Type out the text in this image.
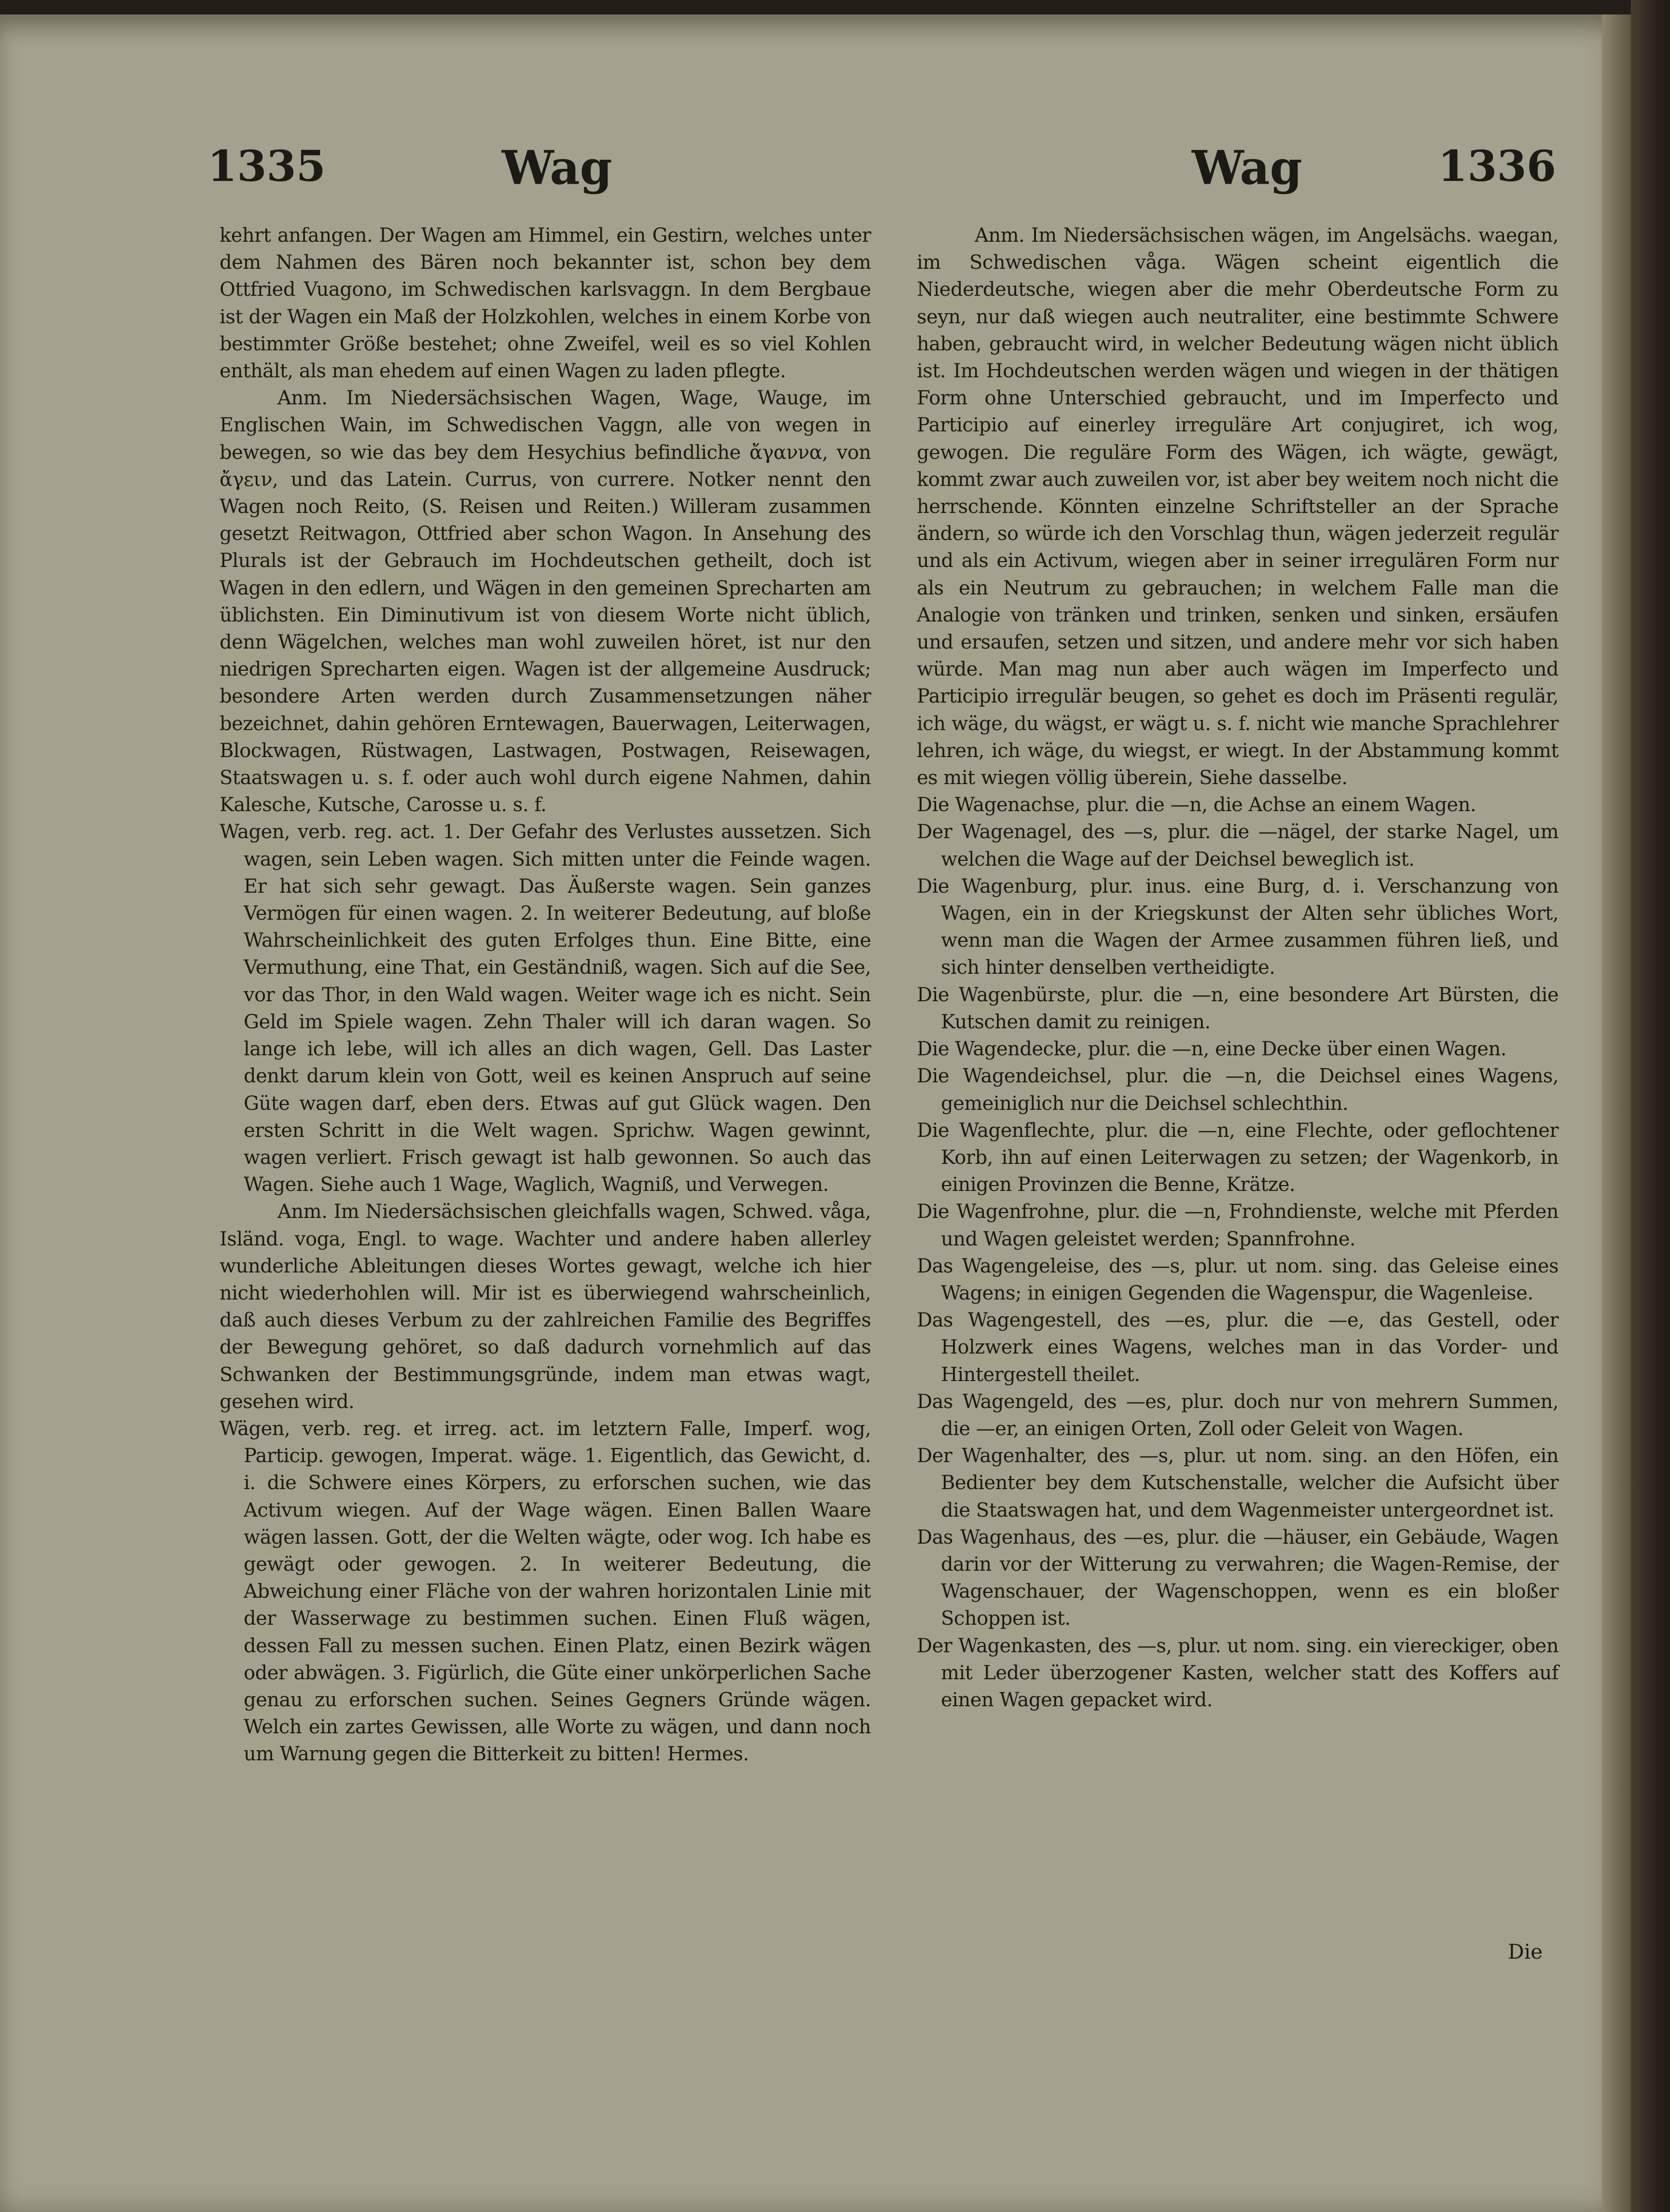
1335	Wag	Wag	1336

kehrt anfangen. Der Wagen am Himmel, ein Gestirn, welches unter dem Nahmen des Bären noch bekannter ist, schon bey dem Ottfried Vuagono, im Schwedischen karlsvaggn. In dem Bergbaue ist der Wagen ein Maß der Holzkohlen, welches in einem Korbe von bestimmter Größe bestehet; ohne Zweifel, weil es so viel Kohlen enthält, als man ehedem auf einen Wagen zu laden pflegte.

Anm. Im Niedersächsischen Wagen, Wage, Wauge, im Englischen Wain, im Schwedischen Vaggn, alle von wegen in bewegen, so wie das bey dem Hesychius befindliche ἄγαννα, von ἄγειν, und das Latein. Currus, von currere. Notker nennt den Wagen noch Reito, (S. Reisen und Reiten.) Willeram zusammen gesetzt Reitwagon, Ottfried aber schon Wagon. In Ansehung des Plurals ist der Gebrauch im Hochdeutschen getheilt, doch ist Wagen in den edlern, und Wägen in den gemeinen Sprecharten am üblichsten. Ein Diminutivum ist von diesem Worte nicht üblich, denn Wägelchen, welches man wohl zuweilen höret, ist nur den niedrigen Sprecharten eigen. Wagen ist der allgemeine Ausdruck; besondere Arten werden durch Zusammensetzungen näher bezeichnet, dahin gehören Erntewagen, Bauerwagen, Leiterwagen, Blockwagen, Rüstwagen, Lastwagen, Postwagen, Reisewagen, Staatswagen u. s. f. oder auch wohl durch eigene Nahmen, dahin Kalesche, Kutsche, Carosse u. s. f.

Wagen, verb. reg. act. 1. Der Gefahr des Verlustes aussetzen. Sich wagen, sein Leben wagen. Sich mitten unter die Feinde wagen. Er hat sich sehr gewagt. Das Äußerste wagen. Sein ganzes Vermögen für einen wagen. 2. In weiterer Bedeutung, auf bloße Wahrscheinlichkeit des guten Erfolges thun. Eine Bitte, eine Vermuthung, eine That, ein Geständniß, wagen. Sich auf die See, vor das Thor, in den Wald wagen. Weiter wage ich es nicht. Sein Geld im Spiele wagen. Zehn Thaler will ich daran wagen. So lange ich lebe, will ich alles an dich wagen, Gell. Das Laster denkt darum klein von Gott, weil es keinen Anspruch auf seine Güte wagen darf, eben ders. Etwas auf gut Glück wagen. Den ersten Schritt in die Welt wagen. Sprichw. Wagen gewinnt, wagen verliert. Frisch gewagt ist halb gewonnen. So auch das Wagen. Siehe auch 1 Wage, Waglich, Wagniß, und Verwegen.

Anm. Im Niedersächsischen gleichfalls wagen, Schwed. våga, Isländ. voga, Engl. to wage. Wachter und andere haben allerley wunderliche Ableitungen dieses Wortes gewagt, welche ich hier nicht wiederhohlen will. Mir ist es überwiegend wahrscheinlich, daß auch dieses Verbum zu der zahlreichen Familie des Begriffes der Bewegung gehöret, so daß dadurch vornehmlich auf das Schwanken der Bestimmungsgründe, indem man etwas wagt, gesehen wird.

Wägen, verb. reg. et irreg. act. im letztern Falle, Imperf. wog, Particip. gewogen, Imperat. wäge. 1. Eigentlich, das Gewicht, d. i. die Schwere eines Körpers, zu erforschen suchen, wie das Activum wiegen. Auf der Wage wägen. Einen Ballen Waare wägen lassen. Gott, der die Welten wägte, oder wog. Ich habe es gewägt oder gewogen. 2. In weiterer Bedeutung, die Abweichung einer Fläche von der wahren horizontalen Linie mit der Wasserwage zu bestimmen suchen. Einen Fluß wägen, dessen Fall zu messen suchen. Einen Platz, einen Bezirk wägen oder abwägen. 3. Figürlich, die Güte einer unkörperlichen Sache genau zu erforschen suchen. Seines Gegners Gründe wägen. Welch ein zartes Gewissen, alle Worte zu wägen, und dann noch um Warnung gegen die Bitterkeit zu bitten! Hermes.

Anm. Im Niedersächsischen wägen, im Angelsächs. waegan, im Schwedischen våga. Wägen scheint eigentlich die Niederdeutsche, wiegen aber die mehr Oberdeutsche Form zu seyn, nur daß wiegen auch neutraliter, eine bestimmte Schwere haben, gebraucht wird, in welcher Bedeutung wägen nicht üblich ist. Im Hochdeutschen werden wägen und wiegen in der thätigen Form ohne Unterschied gebraucht, und im Imperfecto und Participio auf einerley irreguläre Art conjugiret, ich wog, gewogen. Die reguläre Form des Wägen, ich wägte, gewägt, kommt zwar auch zuweilen vor, ist aber bey weitem noch nicht die herrschende. Könnten einzelne Schriftsteller an der Sprache ändern, so würde ich den Vorschlag thun, wägen jederzeit regulär und als ein Activum, wiegen aber in seiner irregulären Form nur als ein Neutrum zu gebrauchen; in welchem Falle man die Analogie von tränken und trinken, senken und sinken, ersäufen und ersaufen, setzen und sitzen, und andere mehr vor sich haben würde. Man mag nun aber auch wägen im Imperfecto und Participio irregulär beugen, so gehet es doch im Präsenti regulär, ich wäge, du wägst, er wägt u. s. f. nicht wie manche Sprachlehrer lehren, ich wäge, du wiegst, er wiegt. In der Abstammung kommt es mit wiegen völlig überein, Siehe dasselbe.

Die Wagenachse, plur. die —n, die Achse an einem Wagen.

Der Wagenagel, des —s, plur. die —nägel, der starke Nagel, um welchen die Wage auf der Deichsel beweglich ist.

Die Wagenburg, plur. inus. eine Burg, d. i. Verschanzung von Wagen, ein in der Kriegskunst der Alten sehr übliches Wort, wenn man die Wagen der Armee zusammen führen ließ, und sich hinter denselben vertheidigte.

Die Wagenbürste, plur. die —n, eine besondere Art Bürsten, die Kutschen damit zu reinigen.

Die Wagendecke, plur. die —n, eine Decke über einen Wagen.

Die Wagendeichsel, plur. die —n, die Deichsel eines Wagens, gemeiniglich nur die Deichsel schlechthin.

Die Wagenflechte, plur. die —n, eine Flechte, oder geflochtener Korb, ihn auf einen Leiterwagen zu setzen; der Wagenkorb, in einigen Provinzen die Benne, Krätze.

Die Wagenfrohne, plur. die —n, Frohndienste, welche mit Pferden und Wagen geleistet werden; Spannfrohne.

Das Wagengeleise, des —s, plur. ut nom. sing. das Geleise eines Wagens; in einigen Gegenden die Wagenspur, die Wagenleise.

Das Wagengestell, des —es, plur. die —e, das Gestell, oder Holzwerk eines Wagens, welches man in das Vorder- und Hintergestell theilet.

Das Wagengeld, des —es, plur. doch nur von mehrern Summen, die —er, an einigen Orten, Zoll oder Geleit von Wagen.

Der Wagenhalter, des —s, plur. ut nom. sing. an den Höfen, ein Bedienter bey dem Kutschenstalle, welcher die Aufsicht über die Staatswagen hat, und dem Wagenmeister untergeordnet ist.

Das Wagenhaus, des —es, plur. die —häuser, ein Gebäude, Wagen darin vor der Witterung zu verwahren; die Wagen-Remise, der Wagenschauer, der Wagenschoppen, wenn es ein bloßer Schoppen ist.

Der Wagenkasten, des —s, plur. ut nom. sing. ein viereckiger, oben mit Leder überzogener Kasten, welcher statt des Koffers auf einen Wagen gepacket wird.

Die
